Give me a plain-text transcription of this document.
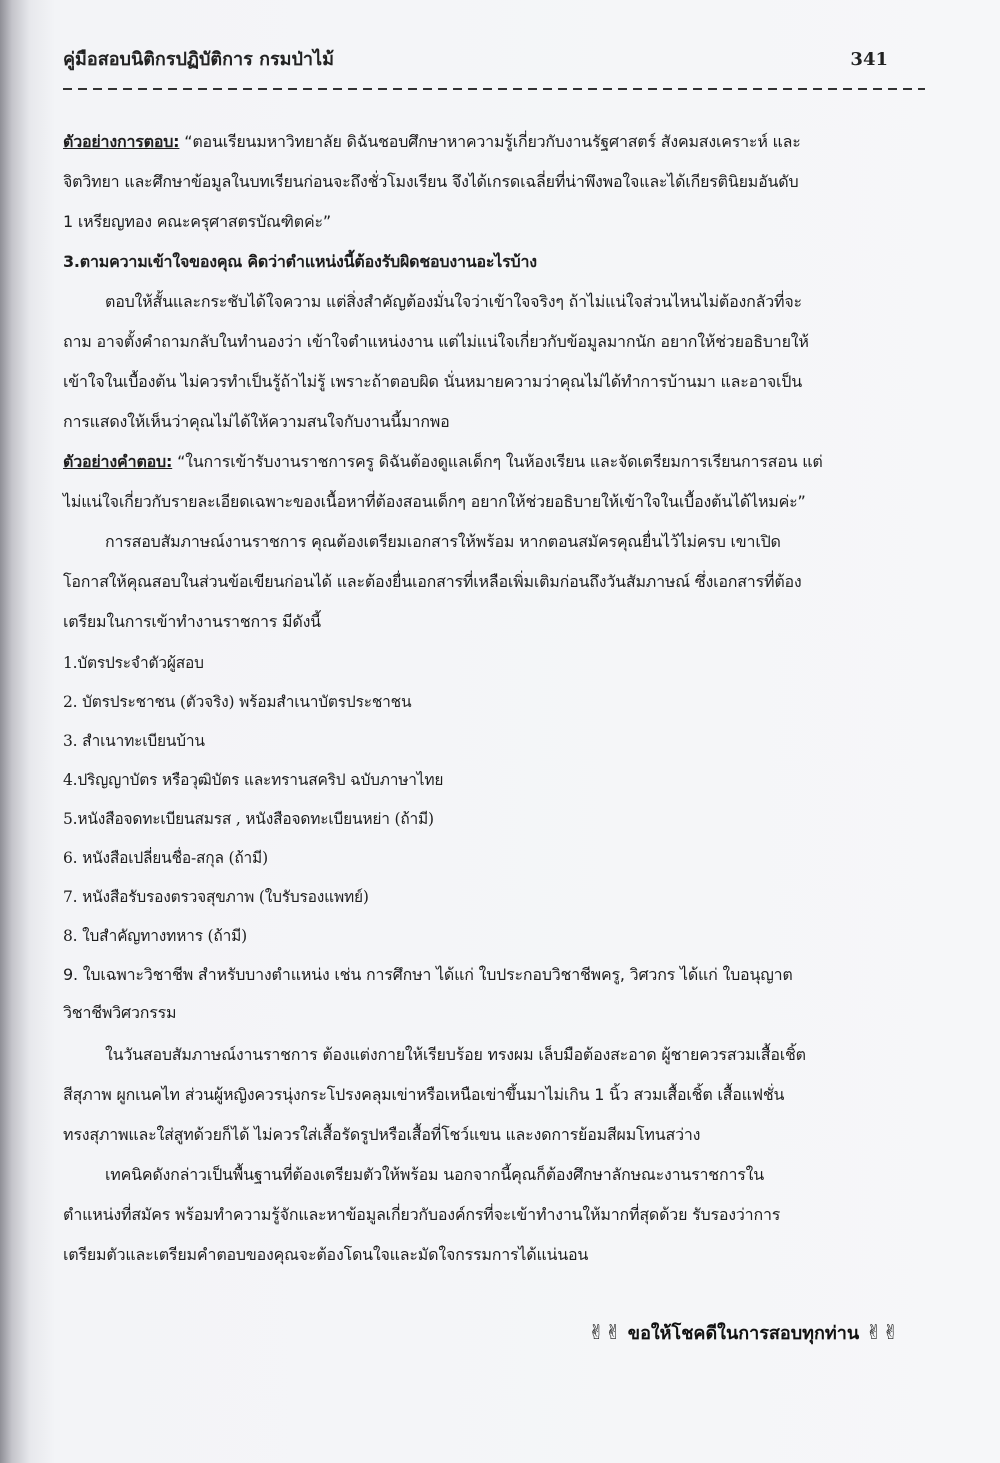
คู่มือสอบนิติกรปฏิบัติการ กรมป่าไม้	341
ตัวอย่างการตอบ: “ตอนเรียนมหาวิทยาลัย ดิฉันชอบศึกษาหาความรู้เกี่ยวกับงานรัฐศาสตร์ สังคมสงเคราะห์ และ
จิตวิทยา และศึกษาข้อมูลในบทเรียนก่อนจะถึงชั่วโมงเรียน จึงได้เกรดเฉลี่ยที่น่าพึงพอใจและได้เกียรตินิยมอันดับ
1 เหรียญทอง คณะครุศาสตรบัณฑิตค่ะ”
3.ตามความเข้าใจของคุณ คิดว่าตำแหน่งนี้ต้องรับผิดชอบงานอะไรบ้าง
ตอบให้สั้นและกระชับได้ใจความ แต่สิ่งสำคัญต้องมั่นใจว่าเข้าใจจริงๆ ถ้าไม่แน่ใจส่วนไหนไม่ต้องกลัวที่จะ
ถาม อาจตั้งคำถามกลับในทำนองว่า เข้าใจตำแหน่งงาน แต่ไม่แน่ใจเกี่ยวกับข้อมูลมากนัก อยากให้ช่วยอธิบายให้
เข้าใจในเบื้องต้น ไม่ควรทำเป็นรู้ถ้าไม่รู้ เพราะถ้าตอบผิด นั่นหมายความว่าคุณไม่ได้ทำการบ้านมา และอาจเป็น
การแสดงให้เห็นว่าคุณไม่ได้ให้ความสนใจกับงานนี้มากพอ
ตัวอย่างคำตอบ: “ในการเข้ารับงานราชการครู ดิฉันต้องดูแลเด็กๆ ในห้องเรียน และจัดเตรียมการเรียนการสอน แต่
ไม่แน่ใจเกี่ยวกับรายละเอียดเฉพาะของเนื้อหาที่ต้องสอนเด็กๆ อยากให้ช่วยอธิบายให้เข้าใจในเบื้องต้นได้ไหมค่ะ”
การสอบสัมภาษณ์งานราชการ คุณต้องเตรียมเอกสารให้พร้อม หากตอนสมัครคุณยื่นไว้ไม่ครบ เขาเปิด
โอกาสให้คุณสอบในส่วนข้อเขียนก่อนได้ และต้องยื่นเอกสารที่เหลือเพิ่มเติมก่อนถึงวันสัมภาษณ์ ซึ่งเอกสารที่ต้อง
เตรียมในการเข้าทำงานราชการ มีดังนี้
1.บัตรประจำตัวผู้สอบ
2. บัตรประชาชน (ตัวจริง) พร้อมสำเนาบัตรประชาชน
3. สำเนาทะเบียนบ้าน
4.ปริญญาบัตร หรือวุฒิบัตร และทรานสคริป ฉบับภาษาไทย
5.หนังสือจดทะเบียนสมรส , หนังสือจดทะเบียนหย่า (ถ้ามี)
6. หนังสือเปลี่ยนชื่อ-สกุล (ถ้ามี)
7. หนังสือรับรองตรวจสุขภาพ (ใบรับรองแพทย์)
8. ใบสำคัญทางทหาร (ถ้ามี)
9. ใบเฉพาะวิชาชีพ สำหรับบางตำแหน่ง เช่น การศึกษา ได้แก่ ใบประกอบวิชาชีพครู, วิศวกร ได้แก่ ใบอนุญาต
วิชาชีพวิศวกรรม
ในวันสอบสัมภาษณ์งานราชการ ต้องแต่งกายให้เรียบร้อย ทรงผม เล็บมือต้องสะอาด ผู้ชายควรสวมเสื้อเชิ้ต
สีสุภาพ ผูกเนคไท ส่วนผู้หญิงควรนุ่งกระโปรงคลุมเข่าหรือเหนือเข่าขึ้นมาไม่เกิน 1 นิ้ว สวมเสื้อเชิ้ต เสื้อแฟชั่น
ทรงสุภาพและใส่สูทด้วยก็ได้ ไม่ควรใส่เสื้อรัดรูปหรือเสื้อที่โชว์แขน และงดการย้อมสีผมโทนสว่าง
เทคนิคดังกล่าวเป็นพื้นฐานที่ต้องเตรียมตัวให้พร้อม นอกจากนี้คุณก็ต้องศึกษาลักษณะงานราชการใน
ตำแหน่งที่สมัคร พร้อมทำความรู้จักและหาข้อมูลเกี่ยวกับองค์กรที่จะเข้าทำงานให้มากที่สุดด้วย รับรองว่าการ
เตรียมตัวและเตรียมคำตอบของคุณจะต้องโดนใจและมัดใจกรรมการได้แน่นอน
✌✌ ขอให้โชคดีในการสอบทุกท่าน ✌✌
